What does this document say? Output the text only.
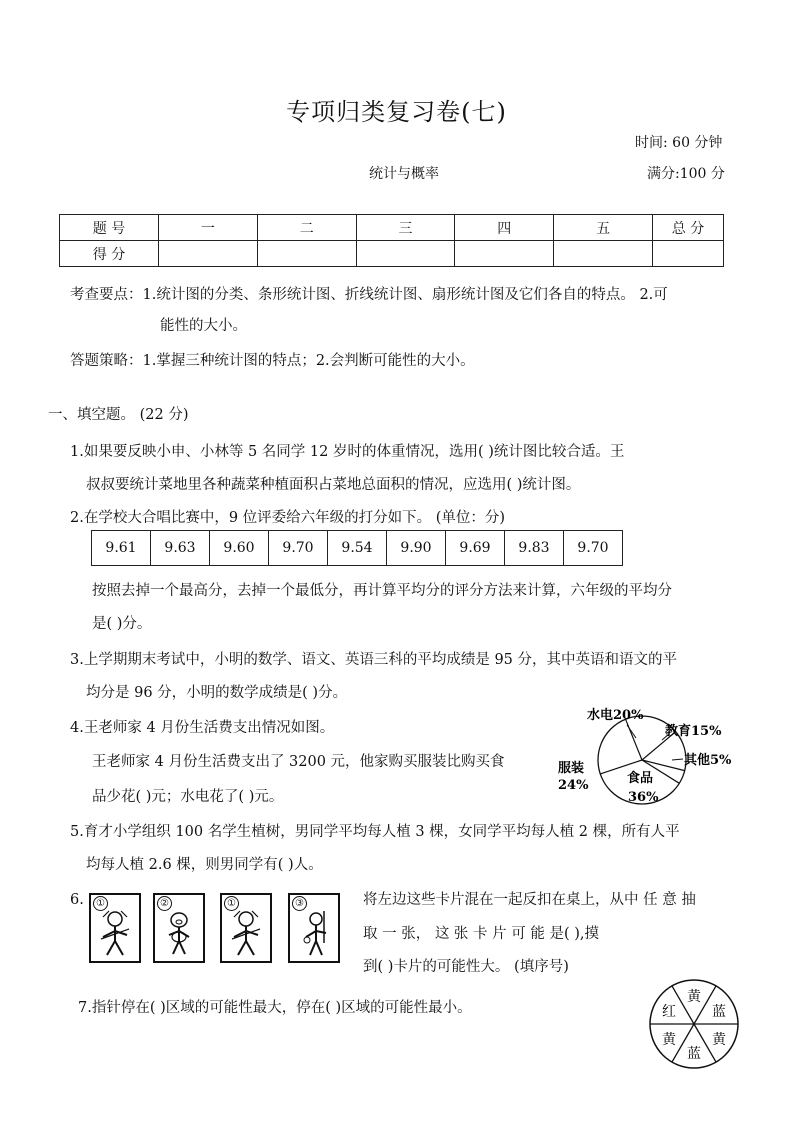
专项归类复习卷(七)
时间: 60 分钟
统计与概率	满分:100 分
题 号	一	二	三	四	五	总 分
得 分						
考查要点：1.统计图的分类、条形统计图、折线统计图、扇形统计图及它们各自的特点。 2.可
能性的大小。
答题策略：1.掌握三种统计图的特点；2.会判断可能性的大小。
一、填空题。 (22 分)
1.如果要反映小申、小林等 5 名同学 12 岁时的体重情况，选用( )统计图比较合适。王
叔叔要统计菜地里各种蔬菜种植面积占菜地总面积的情况，应选用( )统计图。
2.在学校大合唱比赛中，9 位评委给六年级的打分如下。 (单位：分)
9.61	9.63	9.60	9.70	9.54	9.90	9.69	9.83	9.70
按照去掉一个最高分，去掉一个最低分，再计算平均分的评分方法来计算，六年级的平均分
是( )分。
3.上学期期末考试中，小明的数学、语文、英语三科的平均成绩是 95 分，其中英语和语文的平
均分是 96 分，小明的数学成绩是( )分。
4.王老师家 4 月份生活费支出情况如图。
王老师家 4 月份生活费支出了 3200 元，他家购买服装比购买食
品少花( )元；水电花了( )元。
水电20%
教育15%
其他5%
食品
36%
服装
24%
5.育才小学组织 100 名学生植树，男同学平均每人植 3 棵，女同学平均每人植 2 棵，所有人平
均每人植 2.6 棵，则男同学有( )人。
6.	①	②	①	③	将左边这些卡片混在一起反扣在桌上，从中 任 意 抽
取 一 张， 这 张 卡 片 可 能 是( ),摸
到( )卡片的可能性大。 (填序号)
7.指针停在( )区域的可能性最大，停在( )区域的可能性最小。
黄
蓝
黄
蓝
黄
红
